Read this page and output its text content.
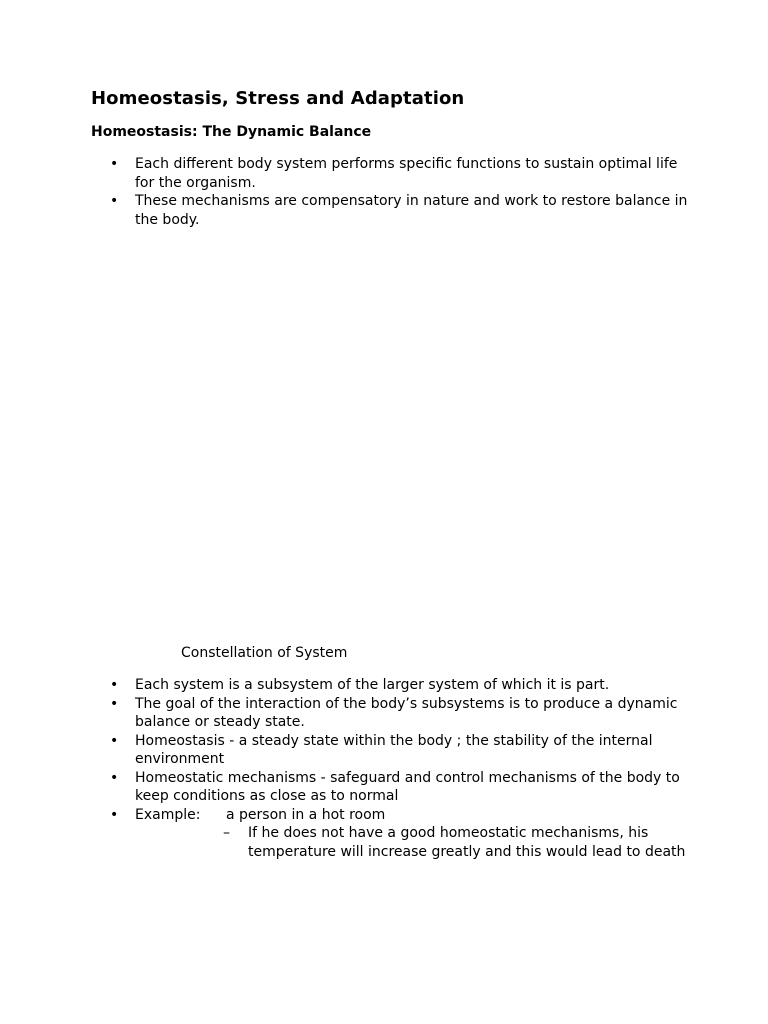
Homeostasis, Stress and Adaptation
Homeostasis: The Dynamic Balance
• Each different body system performs specific functions to sustain optimal life for the organism.
• These mechanisms are compensatory in nature and work to restore balance in the body.
Constellation of System
• Each system is a subsystem of the larger system of which it is part.
• The goal of the interaction of the body’s subsystems is to produce a dynamic balance or steady state.
• Homeostasis - a steady state within the body ; the stability of the internal environment
• Homeostatic mechanisms - safeguard and control mechanisms of the body to keep conditions as close as to normal
• Example:	a person in a hot room
– If he does not have a good homeostatic mechanisms, his temperature will increase greatly and this would lead to death
